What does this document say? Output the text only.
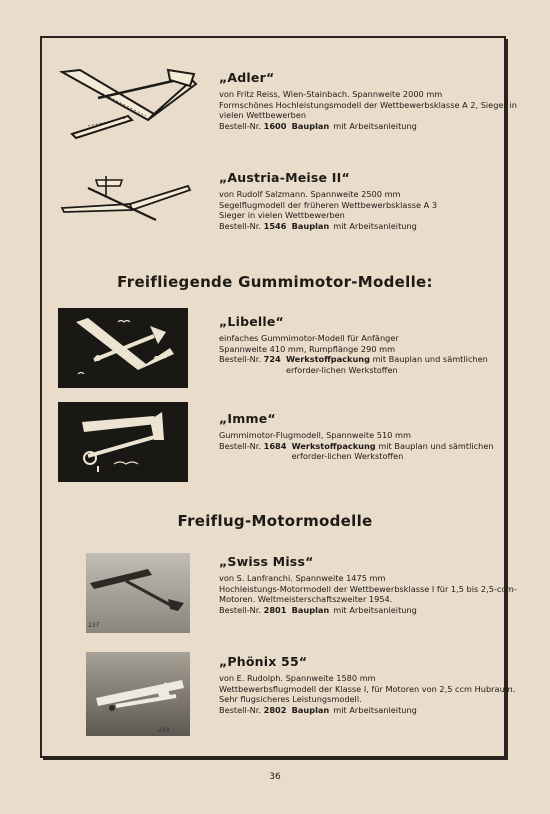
237
243
„Adler“
von Fritz Reiss, Wien-Stainbach. Spannweite 2000 mm
Formschönes Hochleistungsmodell der Wettbewerbsklasse A 2, Sieger in
vielen Wettbewerben
Bestell-Nr. 1600 Bauplan mit Arbeitsanleitung
„Austria-Meise II“
von Rudolf Salzmann. Spannweite 2500 mm
Segelflugmodell der früheren Wettbewerbsklasse A 3
Sieger in vielen Wettbewerben
Bestell-Nr. 1546 Bauplan mit Arbeitsanleitung
Freifliegende Gummimotor-Modelle:
„Libelle“
einfaches Gummimotor-Modell für Anfänger
Spannweite 410 mm, Rumpflänge 290 mm
Bestell-Nr. 724 Werkstoffpackung mit Bauplan und sämtlichen erforder-lichen Werkstoffen
„Imme“
Gummimotor-Flugmodell, Spannweite 510 mm
Bestell-Nr. 1684 Werkstoffpackung mit Bauplan und sämtlichen erforder-lichen Werkstoffen
Freiflug-Motormodelle
„Swiss Miss“
von S. Lanfranchi. Spannweite 1475 mm
Hochleistungs-Motormodell der Wettbewerbsklasse I für 1,5 bis 2,5-ccm-
Motoren. Weltmeisterschaftszweiter 1954.
Bestell-Nr. 2801 Bauplan mit Arbeitsanleitung
„Phönix 55“
von E. Rudolph. Spannweite 1580 mm
Wettbewerbsflugmodell der Klasse I, für Motoren von 2,5 ccm Hubraum.
Sehr flugsicheres Leistungsmodell.
Bestell-Nr. 2802 Bauplan mit Arbeitsanleitung
36
